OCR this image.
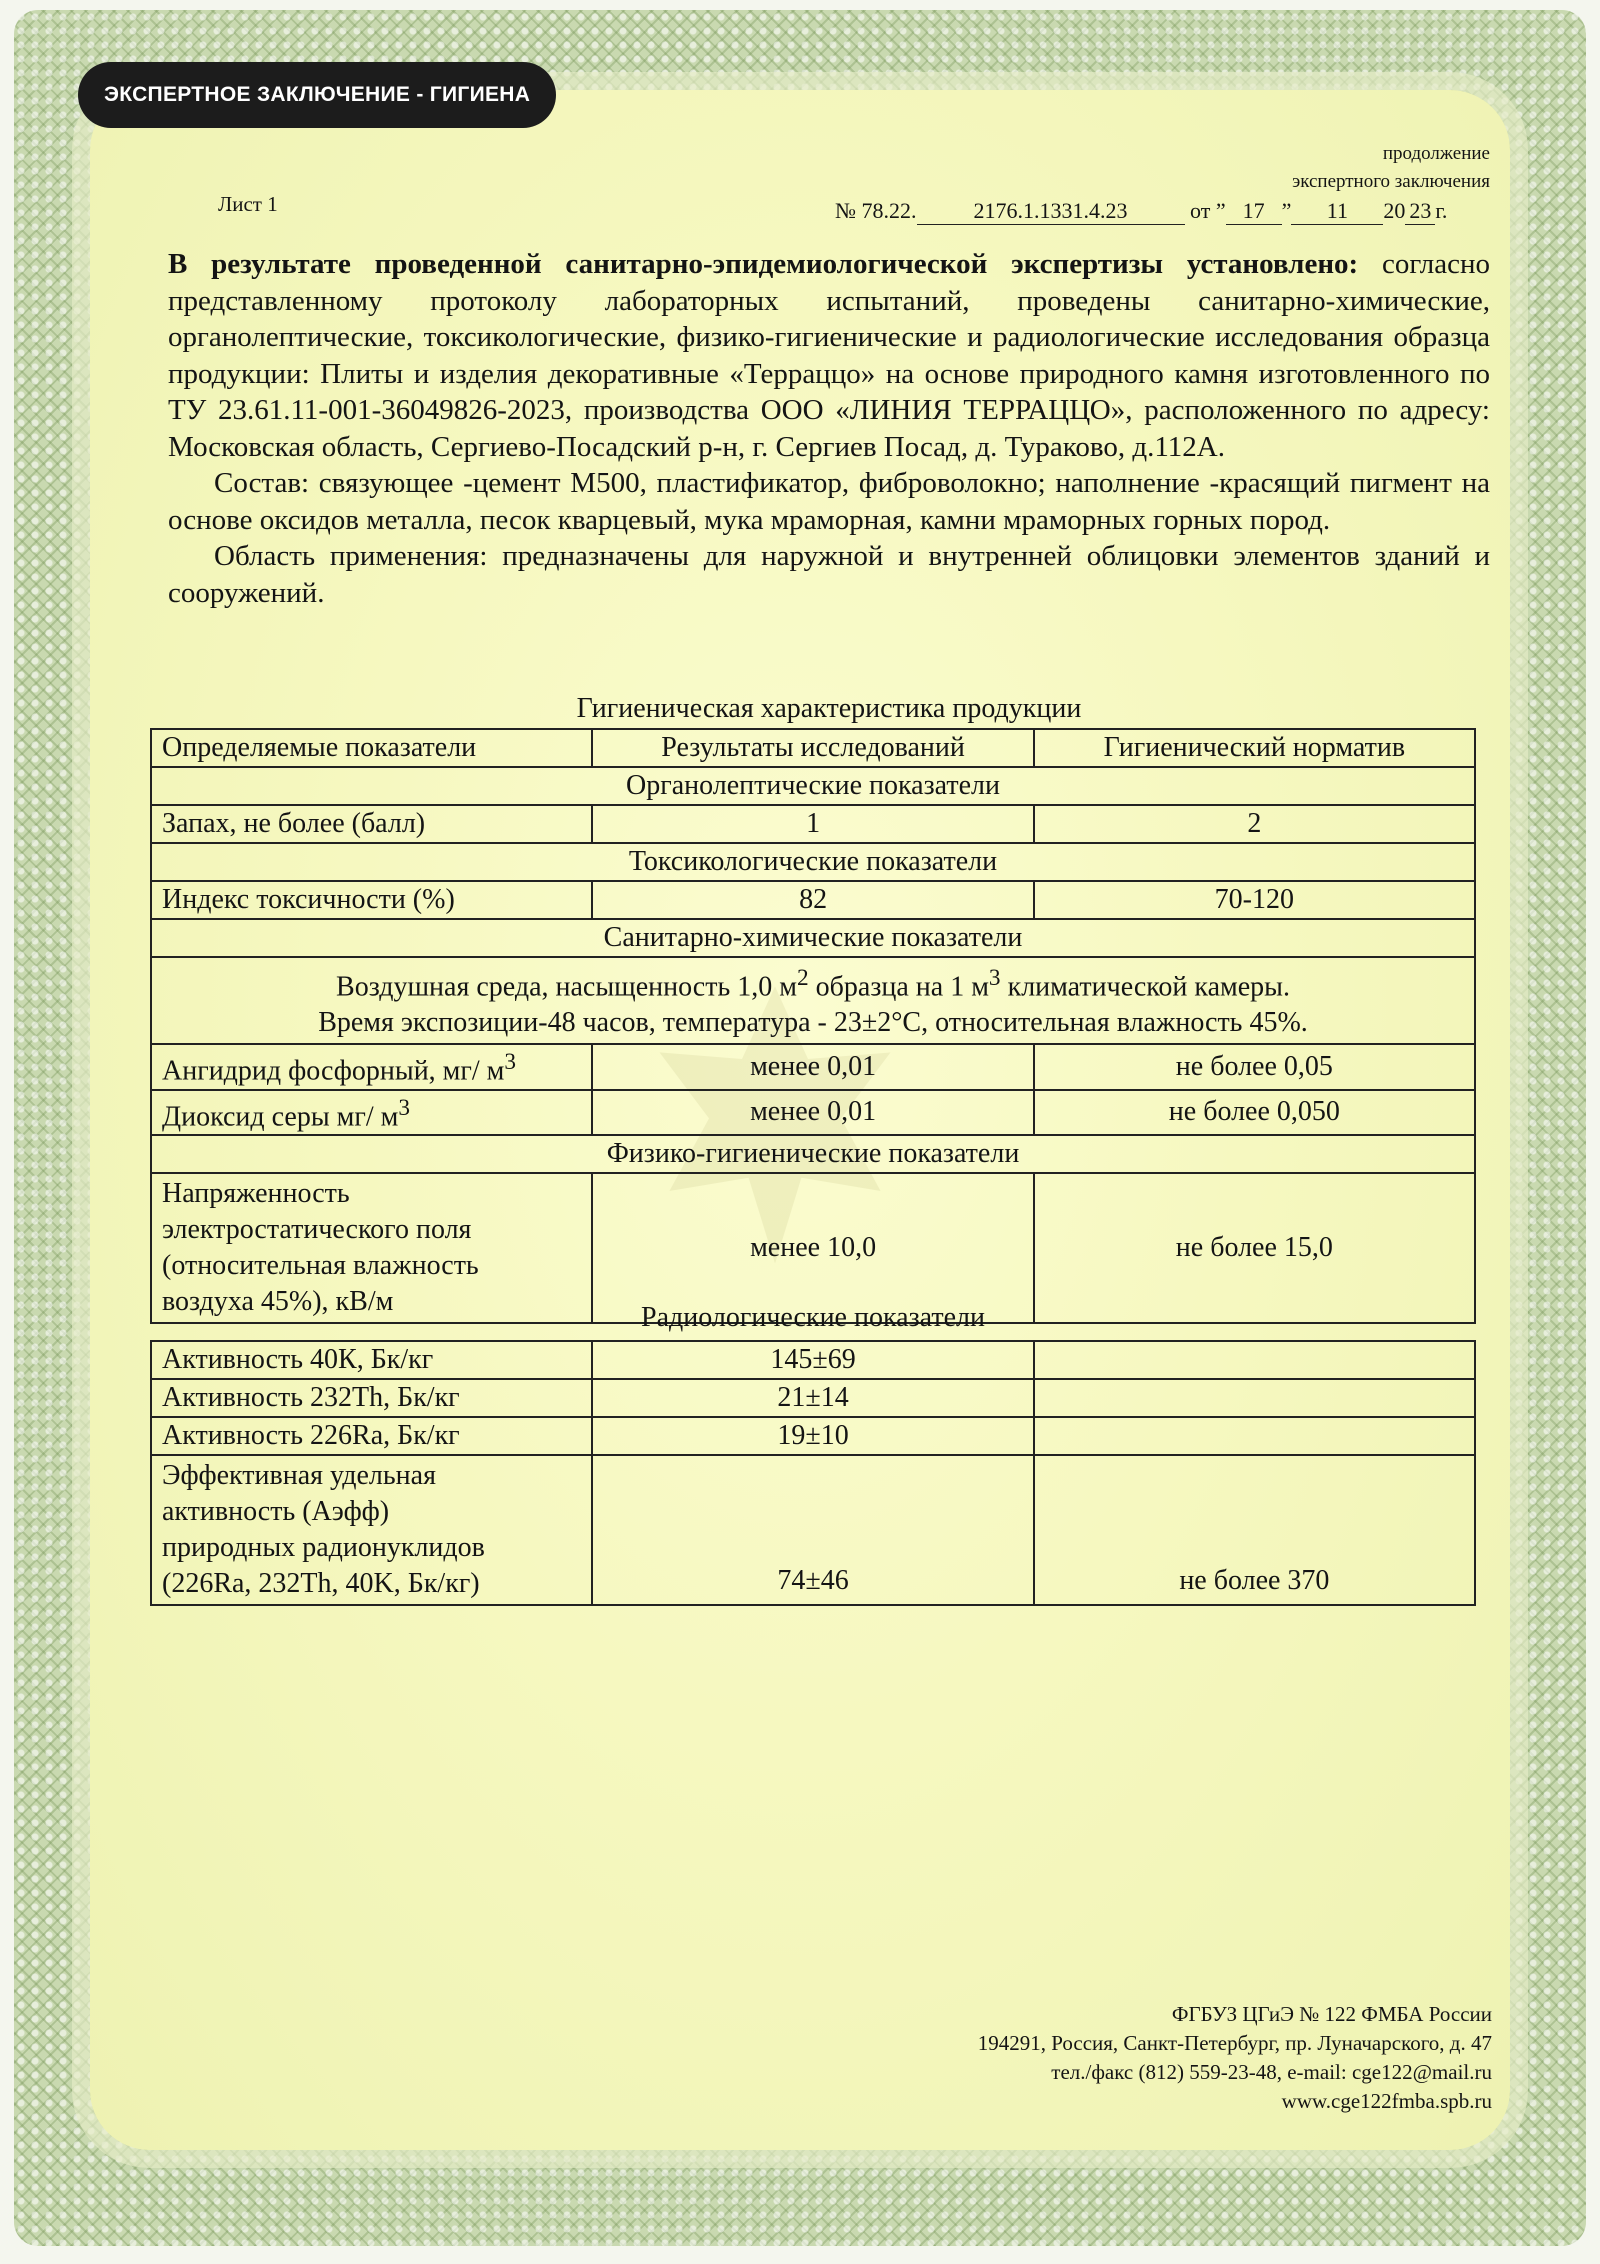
ЭКСПЕРТНОЕ ЗАКЛЮЧЕНИЕ - ГИГИЕНА
продолжение
экспертного заключения
Лист 1	№ 78.22.	2176.1.1331.4.23	от ” 17 ” 11 20 23 г.

В результате проведенной санитарно-эпидемиологической экспертизы установлено: согласно представленному протоколу лабораторных испытаний, проведены санитарно-химические, органолептические, токсикологические, физико-гигиенические и радиологические исследования образца продукции: Плиты и изделия декоративные «Терраццо» на основе природного камня изготовленного по ТУ 23.61.11-001-36049826-2023, производства ООО «ЛИНИЯ ТЕРРАЦЦО», расположенного по адресу: Московская область, Сергиево-Посадский р-н, г. Сергиев Посад, д. Тураково, д.112А.

Состав: связующее -цемент М500, пластификатор, фиброволокно; наполнение -красящий пигмент на основе оксидов металла, песок кварцевый, мука мраморная, камни мраморных горных пород.

Область применения: предназначены для наружной и внутренней облицовки элементов зданий и сооружений.

Гигиеническая характеристика продукции
Определяемые показатели	Результаты исследований	Гигиенический норматив
Органолептические показатели		
Запах, не более (балл)	1	2
Токсикологические показатели		
Индекс токсичности (%)	82	70-120
Санитарно-химические показатели		

Воздушная среда, насыщенность 1,0 $м^2$ образца на 1 $м^3$ климатической камеры.
Время экспозиции-48 часов, температура - 23±2°С, относительная влажность 45%.		

Ангидрид фосфорный, мг/ $м^3$	менее 0,01	не более 0,05
Диоксид серы мг/ $м^3$	менее 0,01	не более 0,050
Физико-гигиенические показатели		

Напряженность
электростатического поля
(относительная влажность
воздуха 45%), кВ/м	менее 10,0	не более 15,0
Радиологические показатели
Активность 40К, Бк/кг	145±69	
Активность 232Th, Бк/кг	21±14	
Активность 226Ra, Бк/кг	19±10	

Эффективная удельная
активность (Аэфф)
природных радионуклидов
(226Ra, 232Th, 40K, Бк/кг)	74±46	не более 370
ФГБУЗ ЦГиЭ № 122 ФМБА России
194291, Россия, Санкт-Петербург, пр. Луначарского, д. 47
тел./факс (812) 559-23-48, e-mail: cge122@mail.ru
www.cge122fmba.spb.ru
